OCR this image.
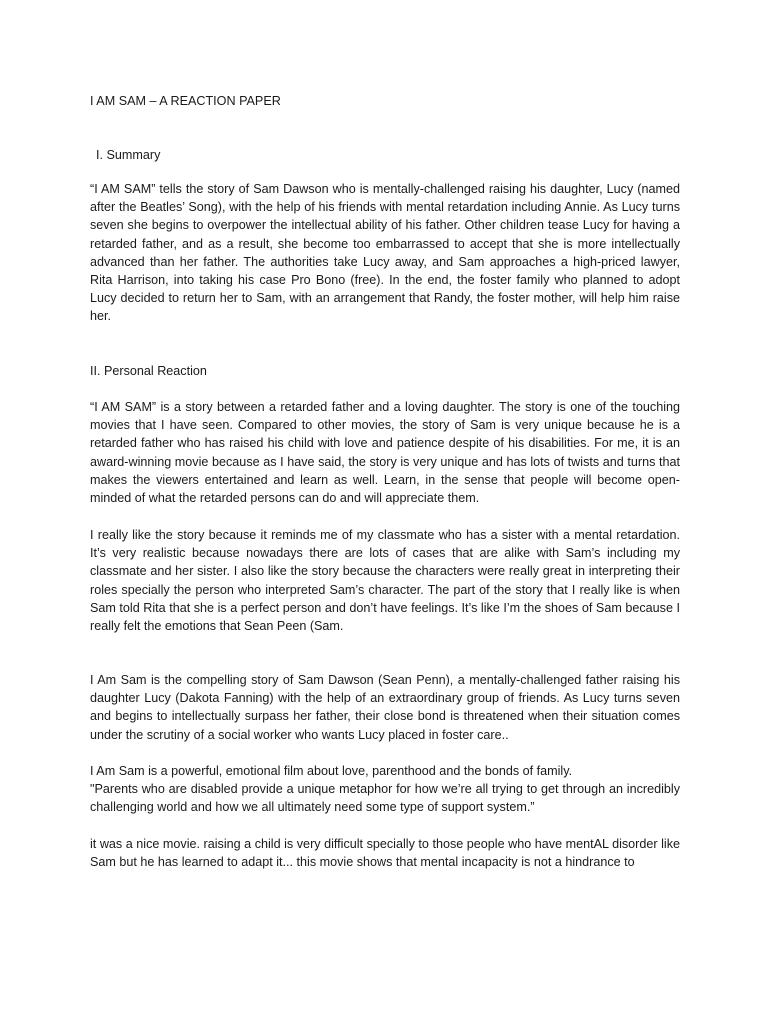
I AM SAM – A REACTION PAPER

I. Summary

“I AM SAM” tells the story of Sam Dawson who is mentally-challenged raising his daughter, Lucy (named after the Beatles’ Song), with the help of his friends with mental retardation including Annie. As Lucy turns seven she begins to overpower the intellectual ability of his father. Other children tease Lucy for having a retarded father, and as a result, she become too embarrassed to accept that she is more intellectually advanced than her father. The authorities take Lucy away, and Sam approaches a high-priced lawyer, Rita Harrison, into taking his case Pro Bono (free). In the end, the foster family who planned to adopt Lucy decided to return her to Sam, with an arrangement that Randy, the foster mother, will help him raise her.

II. Personal Reaction

“I AM SAM” is a story between a retarded father and a loving daughter. The story is one of the touching movies that I have seen. Compared to other movies, the story of Sam is very unique because he is a retarded father who has raised his child with love and patience despite of his disabilities. For me, it is an award-winning movie because as I have said, the story is very unique and has lots of twists and turns that makes the viewers entertained and learn as well. Learn, in the sense that people will become open-minded of what the retarded persons can do and will appreciate them.

I really like the story because it reminds me of my classmate who has a sister with a mental retardation. It’s very realistic because nowadays there are lots of cases that are alike with Sam’s including my classmate and her sister. I also like the story because the characters were really great in interpreting their roles specially the person who interpreted Sam’s character. The part of the story that I really like is when Sam told Rita that she is a perfect person and don’t have feelings. It’s like I’m the shoes of Sam because I really felt the emotions that Sean Peen (Sam.

I Am Sam is the compelling story of Sam Dawson (Sean Penn), a mentally-challenged father raising his daughter Lucy (Dakota Fanning) with the help of an extraordinary group of friends. As Lucy turns seven and begins to intellectually surpass her father, their close bond is threatened when their situation comes under the scrutiny of a social worker who wants Lucy placed in foster care..

I Am Sam is a powerful, emotional film about love, parenthood and the bonds of family.

"Parents who are disabled provide a unique metaphor for how we’re all trying to get through an incredibly challenging world and how we all ultimately need some type of support system.”

it was a nice movie. raising a child is very difficult specially to those people who have mentAL disorder like Sam but he has learned to adapt it... this movie shows that mental incapacity is not a hindrance to
